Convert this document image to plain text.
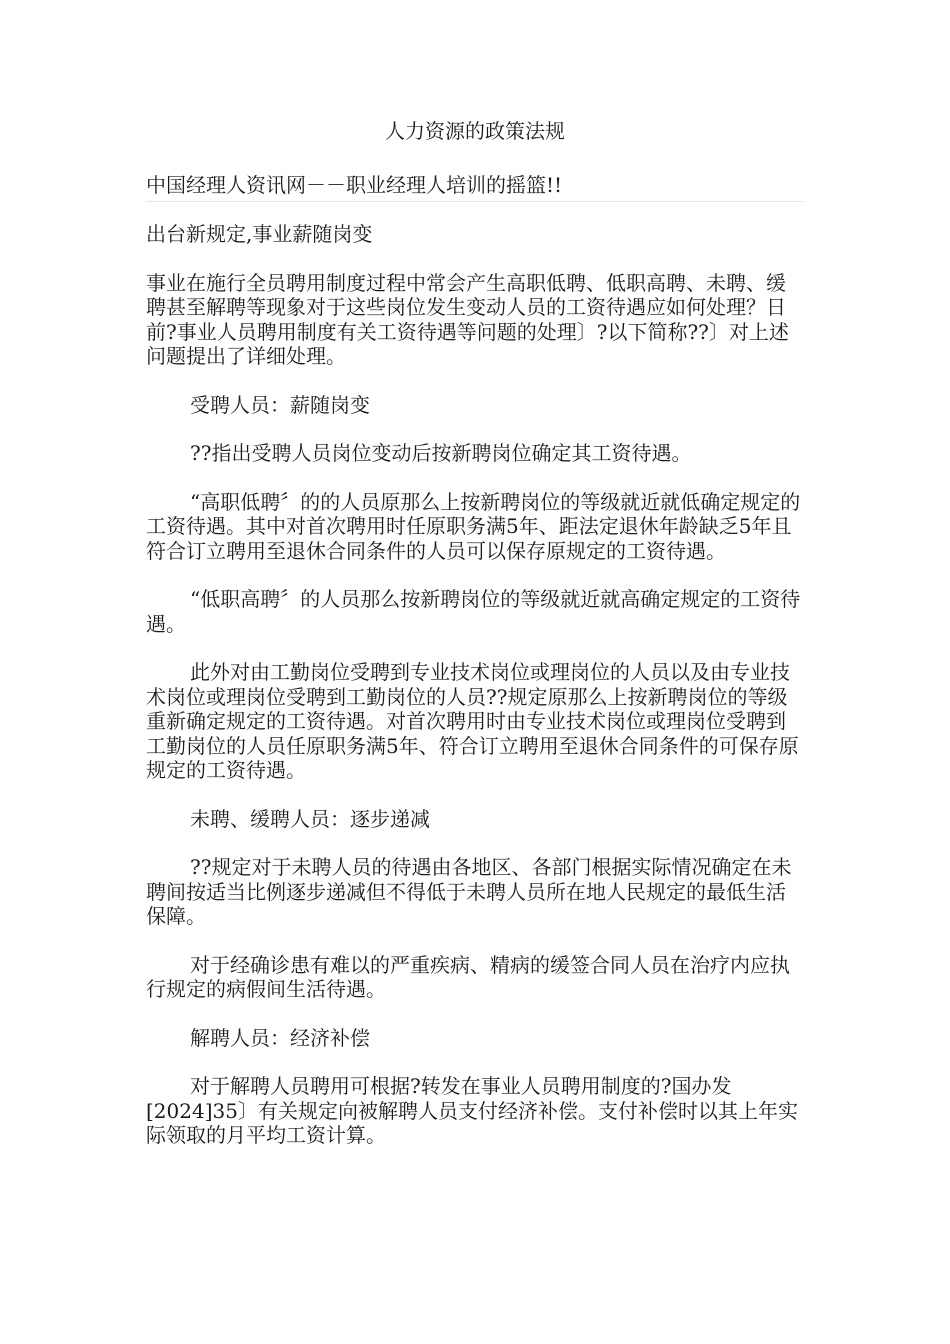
人力资源的政策法规
中国经理人资讯网－－职业经理人培训的摇篮!!

出台新规定,事业薪随岗变

事业在施行全员聘用制度过程中常会产生高职低聘、低职高聘、未聘、缓聘甚至解聘等现象对于这些岗位发生变动人员的工资待遇应如何处理？日前?事业人员聘用制度有关工资待遇等问题的处理〕?以下简称??〕对上述问题提出了详细处理。

受聘人员：薪随岗变

??指出受聘人员岗位变动后按新聘岗位确定其工资待遇。

“高职低聘〞的的人员原那么上按新聘岗位的等级就近就低确定规定的工资待遇。其中对首次聘用时任原职务满5年、距法定退休年龄缺乏5年且符合订立聘用至退休合同条件的人员可以保存原规定的工资待遇。

“低职高聘〞的人员那么按新聘岗位的等级就近就高确定规定的工资待遇。

此外对由工勤岗位受聘到专业技术岗位或理岗位的人员以及由专业技术岗位或理岗位受聘到工勤岗位的人员??规定原那么上按新聘岗位的等级重新确定规定的工资待遇。对首次聘用时由专业技术岗位或理岗位受聘到工勤岗位的人员任原职务满5年、符合订立聘用至退休合同条件的可保存原规定的工资待遇。

未聘、缓聘人员：逐步递减

??规定对于未聘人员的待遇由各地区、各部门根据实际情况确定在未聘间按适当比例逐步递减但不得低于未聘人员所在地人民规定的最低生活保障。

对于经确诊患有难以的严重疾病、精病的缓签合同人员在治疗内应执行规定的病假间生活待遇。

解聘人员：经济补偿

对于解聘人员聘用可根据?转发在事业人员聘用制度的?国办发[2024]35〕有关规定向被解聘人员支付经济补偿。支付补偿时以其上年实际领取的月平均工资计算。
